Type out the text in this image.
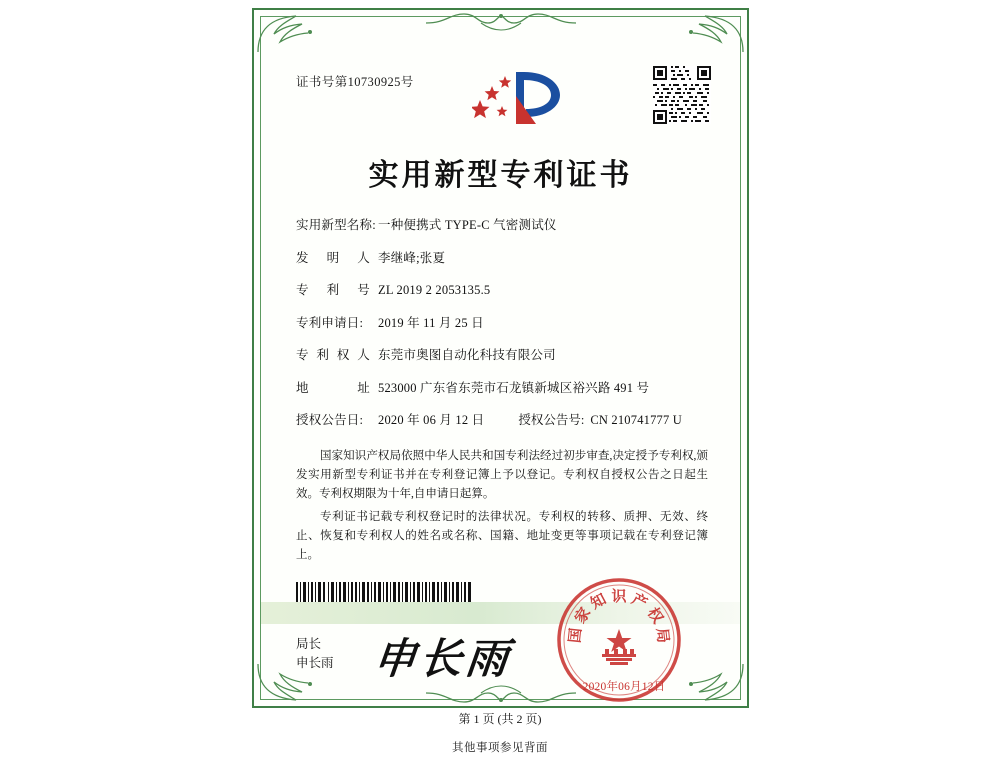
证书号第10730925号
实用新型专利证书
实用新型名称: 一种便携式 TYPE-C 气密测试仪
发明人 李继峰;张夏
专利号 ZL 2019 2 2053135.5
专利申请日:	2019 年 11 月 25 日
专利权人 东莞市奥图自动化科技有限公司
地址 523000 广东省东莞市石龙镇新城区裕兴路 491 号
授权公告日:	2020 年 06 月 12 日	授权公告号: CN 210741777 U

国家知识产权局依照中华人民共和国专利法经过初步审查,决定授予专利权,颁发实用新型专利证书并在专利登记簿上予以登记。专利权自授权公告之日起生效。专利权期限为十年,自申请日起算。

专利证书记载专利权登记时的法律状况。专利权的转移、质押、无效、终止、恢复和专利权人的姓名或名称、国籍、地址变更等事项记载在专利登记簿上。

局长
申长雨 申长雨
识
知
家
国
产
权
局
2020年06月12日
第 1 页 (共 2 页)
其他事项参见背面
